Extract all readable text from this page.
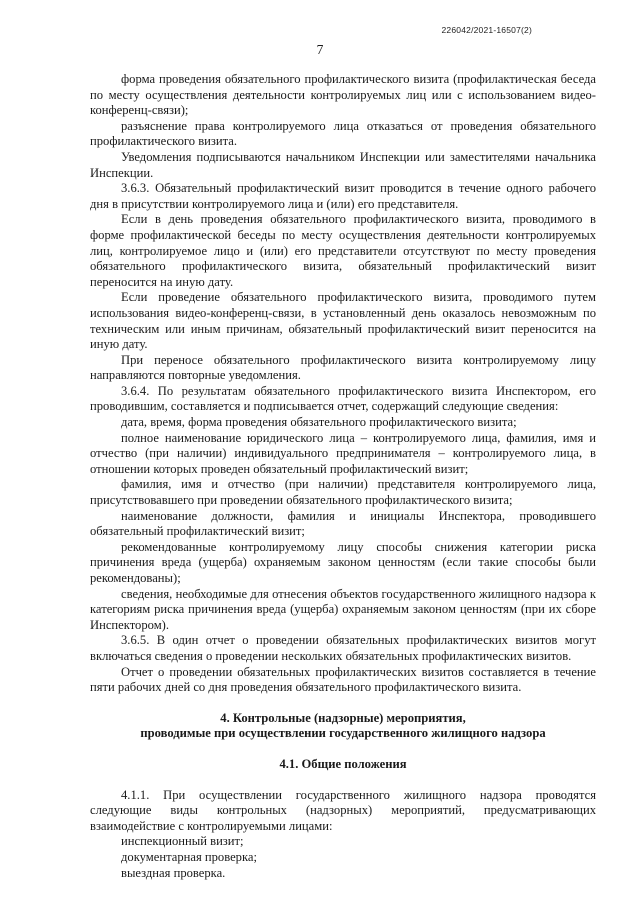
226042/2021-16507(2)
7

форма проведения обязательного профилактического визита (профилактическая беседа по месту осуществления деятельности контролируемых лиц или с использованием видео-конференц-связи);

разъяснение права контролируемого лица отказаться от проведения обязательного профилактического визита.

Уведомления подписываются начальником Инспекции или заместителями начальника Инспекции.

3.6.3. Обязательный профилактический визит проводится в течение одного рабочего дня в присутствии контролируемого лица и (или) его представителя.

Если в день проведения обязательного профилактического визита, проводимого в форме профилактической беседы по месту осуществления деятельности контролируемых лиц, контролируемое лицо и (или) его представители отсутствуют по месту проведения обязательного профилактического визита, обязательный профилактический визит переносится на иную дату.

Если проведение обязательного профилактического визита, проводимого путем использования видео-конференц-связи, в установленный день оказалось невозможным по техническим или иным причинам, обязательный профилактический визит переносится на иную дату.

При переносе обязательного профилактического визита контролируемому лицу направляются повторные уведомления.

3.6.4. По результатам обязательного профилактического визита Инспектором, его проводившим, составляется и подписывается отчет, содержащий следующие сведения:

дата, время, форма проведения обязательного профилактического визита;

полное наименование юридического лица – контролируемого лица, фамилия, имя и отчество (при наличии) индивидуального предпринимателя – контролируемого лица, в отношении которых проведен обязательный профилактический визит;

фамилия, имя и отчество (при наличии) представителя контролируемого лица, присутствовавшего при проведении обязательного профилактического визита;

наименование должности, фамилия и инициалы Инспектора, проводившего обязательный профилактический визит;

рекомендованные контролируемому лицу способы снижения категории риска причинения вреда (ущерба) охраняемым законом ценностям (если такие способы были рекомендованы);

сведения, необходимые для отнесения объектов государственного жилищного надзора к категориям риска причинения вреда (ущерба) охраняемым законом ценностям (при их сборе Инспектором).

3.6.5. В один отчет о проведении обязательных профилактических визитов могут включаться сведения о проведении нескольких обязательных профилактических визитов.

Отчет о проведении обязательных профилактических визитов составляется в течение пяти рабочих дней со дня проведения обязательного профилактического визита.

4. Контрольные (надзорные) мероприятия,

проводимые при осуществлении государственного жилищного надзора

4.1. Общие положения

4.1.1. При осуществлении государственного жилищного надзора проводятся следующие виды контрольных (надзорных) мероприятий, предусматривающих взаимодействие с контролируемыми лицами:

инспекционный визит;

документарная проверка;

выездная проверка.
